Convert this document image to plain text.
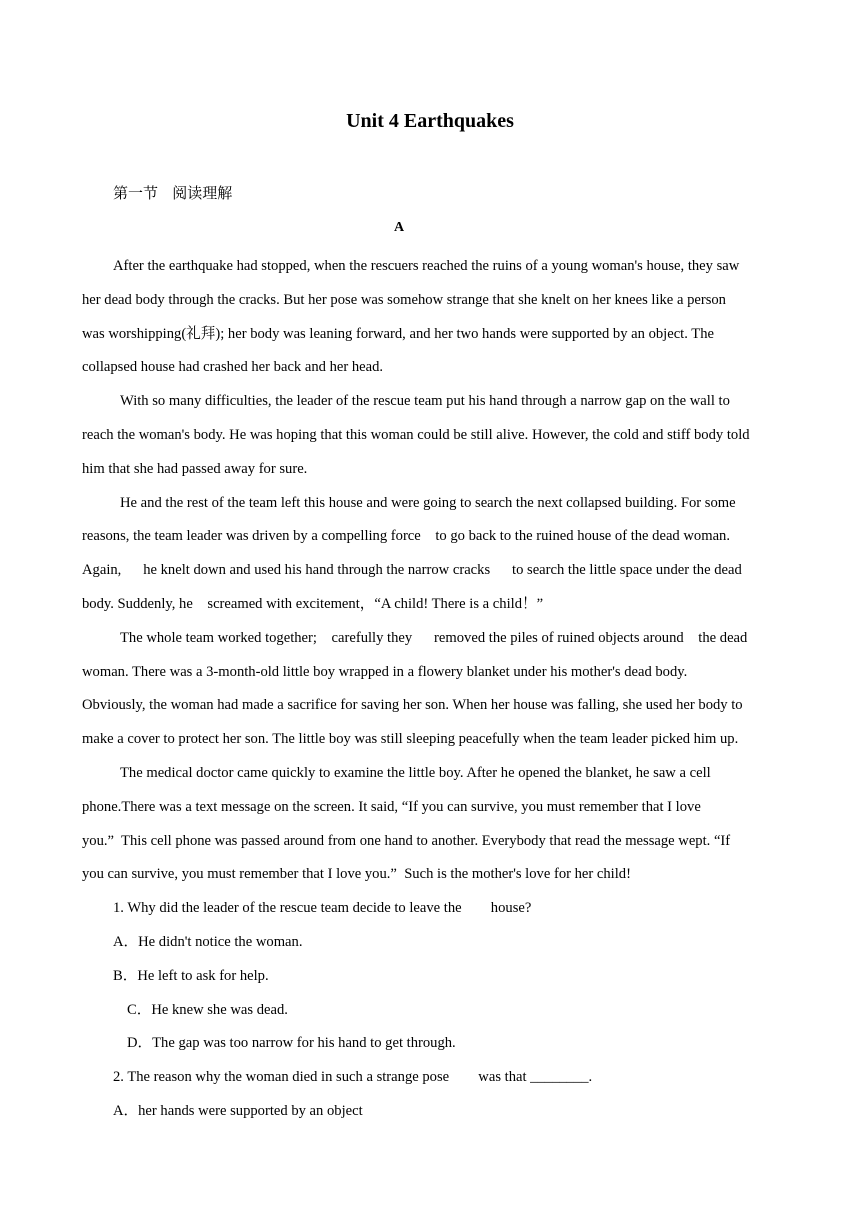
Unit 4 Earthquakes
第一节   阅读理解
A
After the earthquake had stopped, when the rescuers reached the ruins of a young woman's house, they saw
her dead body through the cracks. But her pose was somehow strange that she knelt on her knees like a person
was worshipping(礼拜); her body was leaning forward, and her two hands were supported by an object. The
collapsed house had crashed her back and her head.
With so many difficulties, the leader of the rescue team put his hand through a narrow gap on the wall to
reach the woman's body. He was hoping that this woman could be still alive. However, the cold and stiff body told
him that she had passed away for sure.
He and the rest of the team left this house and were going to search the next collapsed building. For some
reasons, the team leader was driven by a compelling force    to go back to the ruined house of the dead woman.
Again,      he knelt down and used his hand through the narrow cracks      to search the little space under the dead
body. Suddenly, he    screamed with excitement，“A child! There is a child！”
The whole team worked together;    carefully they      removed the piles of ruined objects around    the dead
woman. There was a 3‑month‑old little boy wrapped in a flowery blanket under his mother's dead body.
Obviously, the woman had made a sacrifice for saving her son. When her house was falling, she used her body to
make a cover to protect her son. The little boy was still sleeping peacefully when the team leader picked him up.
The medical doctor came quickly to examine the little boy. After he opened the blanket, he saw a cell
phone.There was a text message on the screen. It said, “If you can survive, you must remember that I love
you.”  This cell phone was passed around from one hand to another. Everybody that read the message wept. “If
you can survive, you must remember that I love you.”  Such is the mother's love for her child!
1. Why did the leader of the rescue team decide to leave the        house?
A．He didn't notice the woman.
B．He left to ask for help.
C．He knew she was dead.
D．The gap was too narrow for his hand to get through.
2. The reason why the woman died in such a strange pose        was that ________.
A．her hands were supported by an object
